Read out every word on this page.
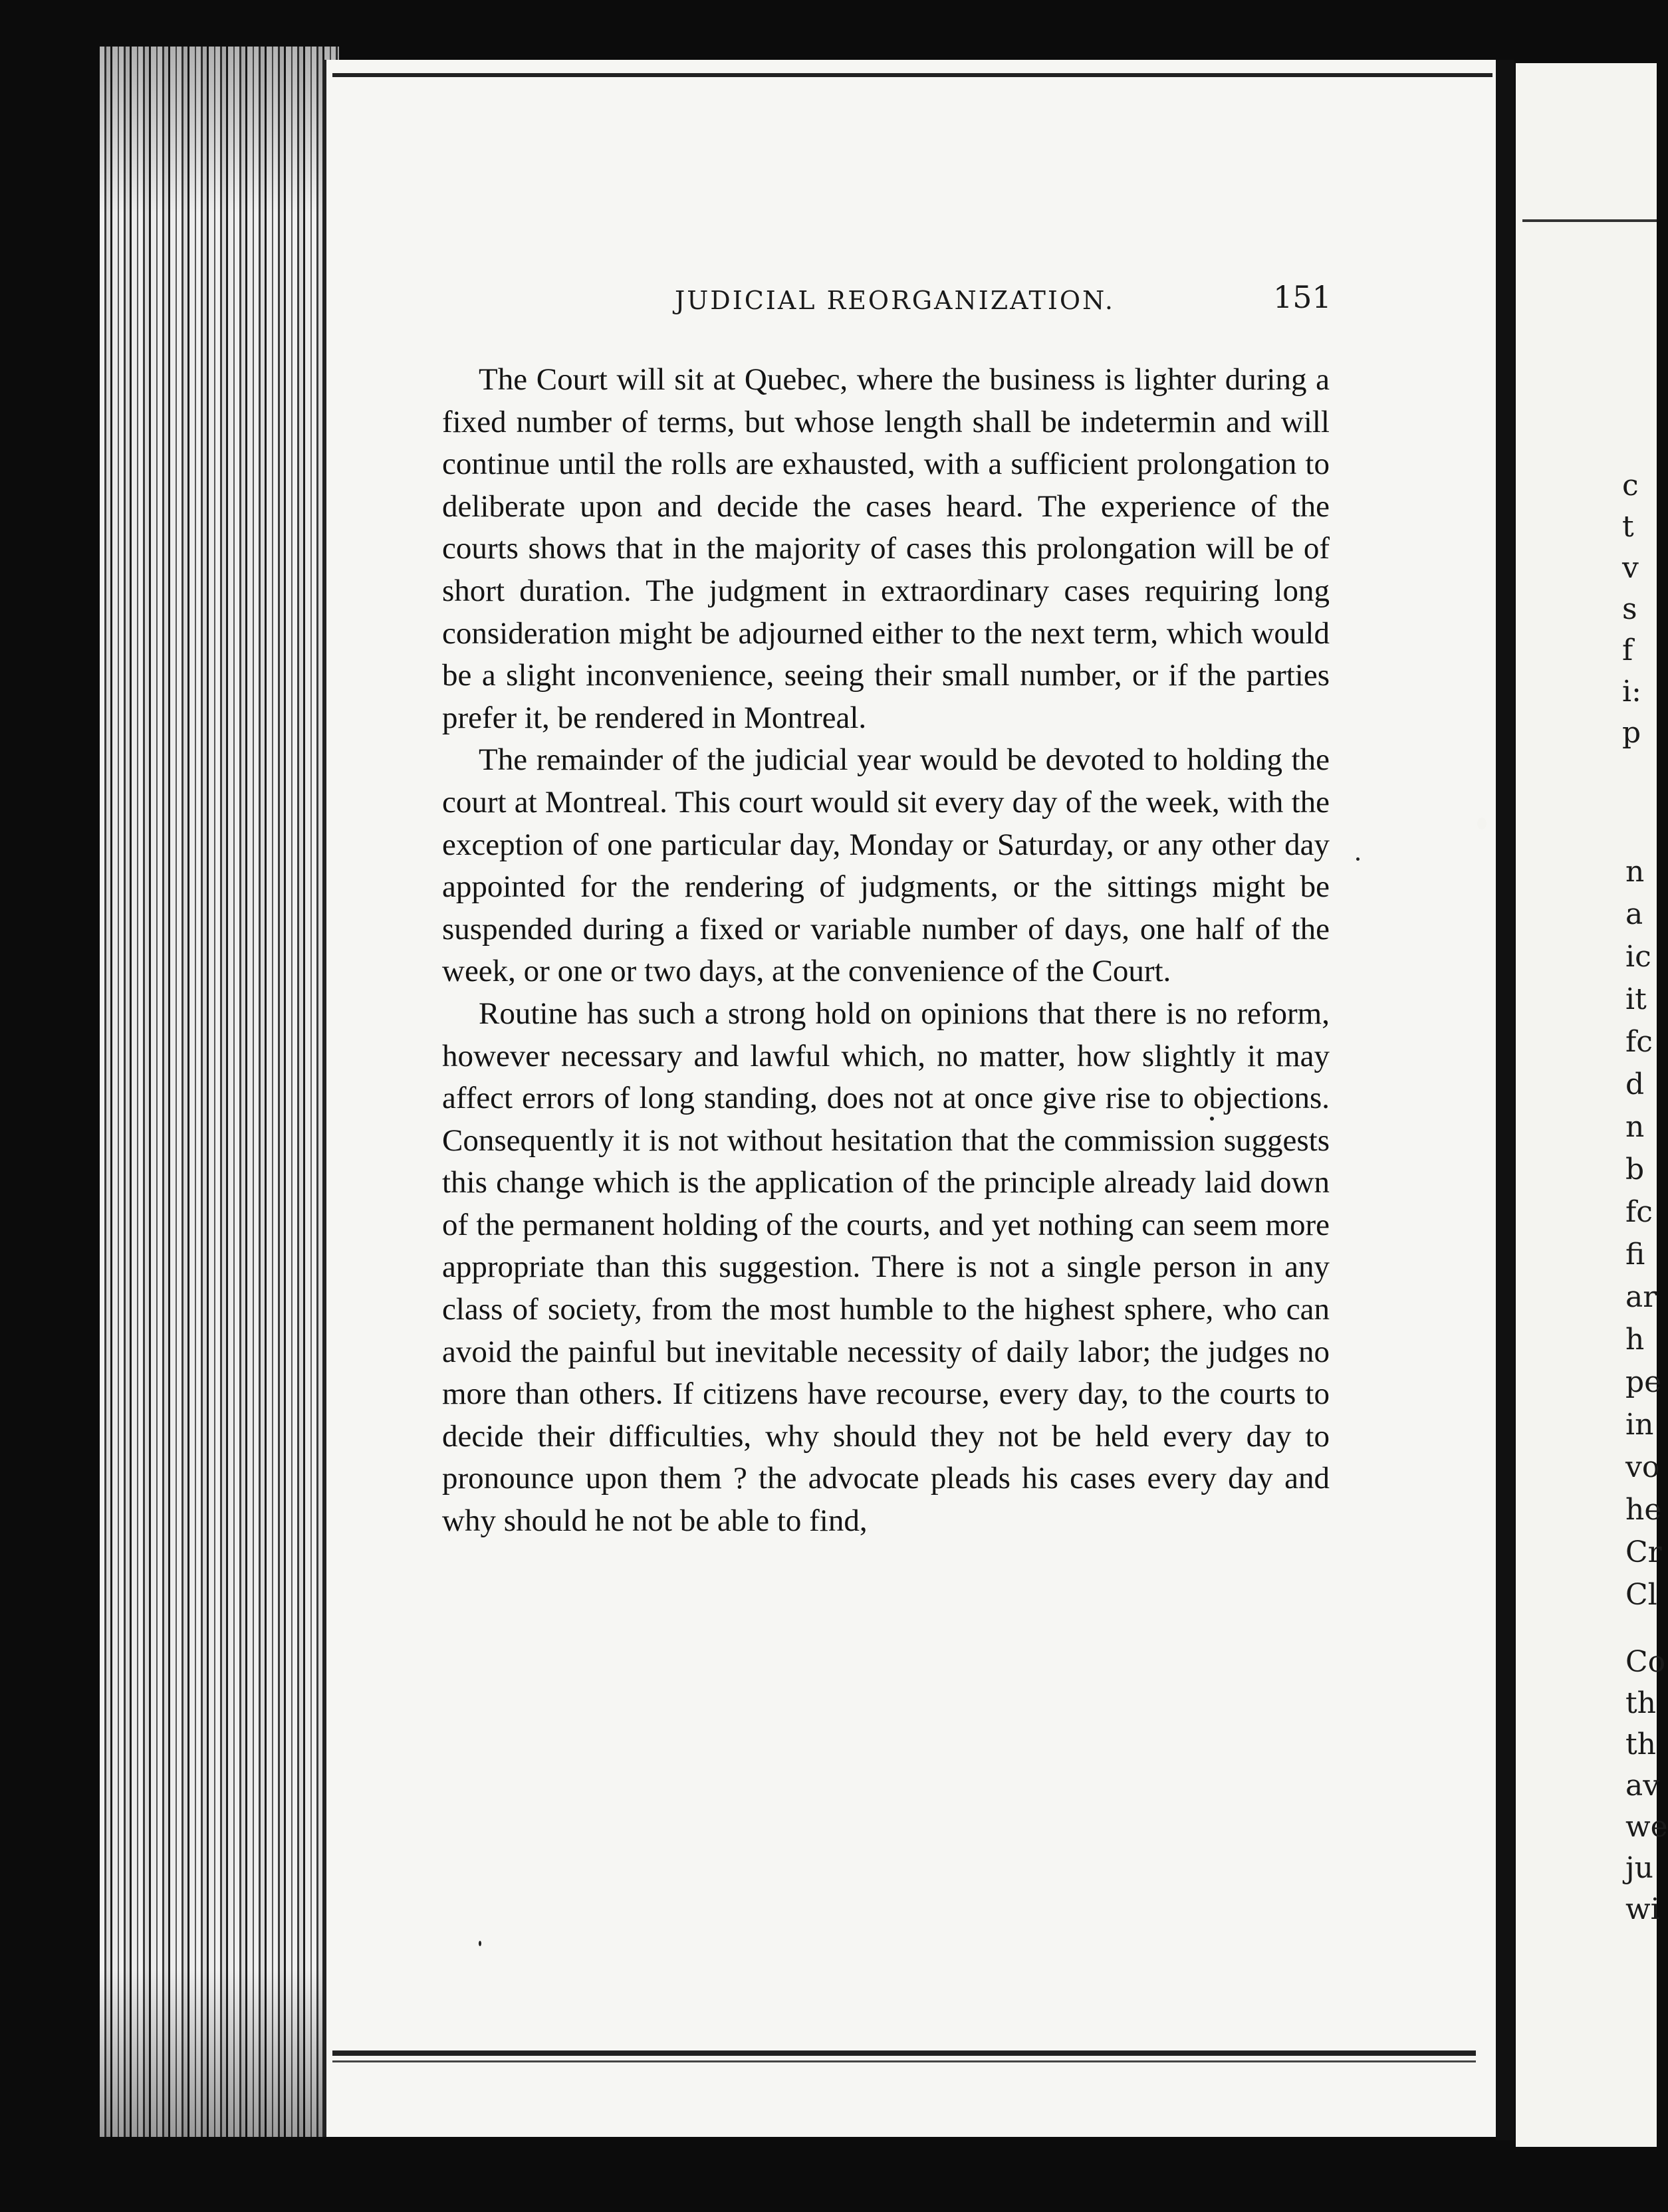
c
t
v
s
f
i:
p
n
a
ic
it
fc
d
n
b
fc
fi
ar
h
pe
in
vo
he
Cr
Cl
Co
th
th
av
we
ju
wi
JUDICIAL REORGANIZATION.	151

The Court will sit at Quebec, where the business is lighter during a fixed number of terms, but whose length shall be indetermin and will continue until the rolls are exhausted, with a sufficient prolongation to deliberate upon and decide the cases heard. The experience of the courts shows that in the majority of cases this prolongation will be of short duration. The judgment in extraordinary cases requiring long consideration might be adjourned either to the next term, which would be a slight inconvenience, seeing their small number, or if the parties prefer it, be rendered in Montreal.

The remainder of the judicial year would be devoted to holding the court at Montreal. This court would sit every day of the week, with the exception of one particular day, Monday or Saturday, or any other day appointed for the rendering of judgments, or the sittings might be suspended during a fixed or variable number of days, one half of the week, or one or two days, at the convenience of the Court.

Routine has such a strong hold on opinions that there is no reform, however necessary and lawful which, no matter, how slightly it may affect errors of long standing, does not at once give rise to objections. Consequently it is not without hesitation that the commission suggests this change which is the application of the principle already laid down of the permanent holding of the courts, and yet nothing can seem more appropriate than this suggestion. There is not a single person in any class of society, from the most humble to the highest sphere, who can avoid the painful but inevitable necessity of daily labor; the judges no more than others. If citizens have recourse, every day, to the courts to decide their difficulties, why should they not be held every day to pronounce upon them ? the advocate pleads his cases every day and why should he not be able to find,
